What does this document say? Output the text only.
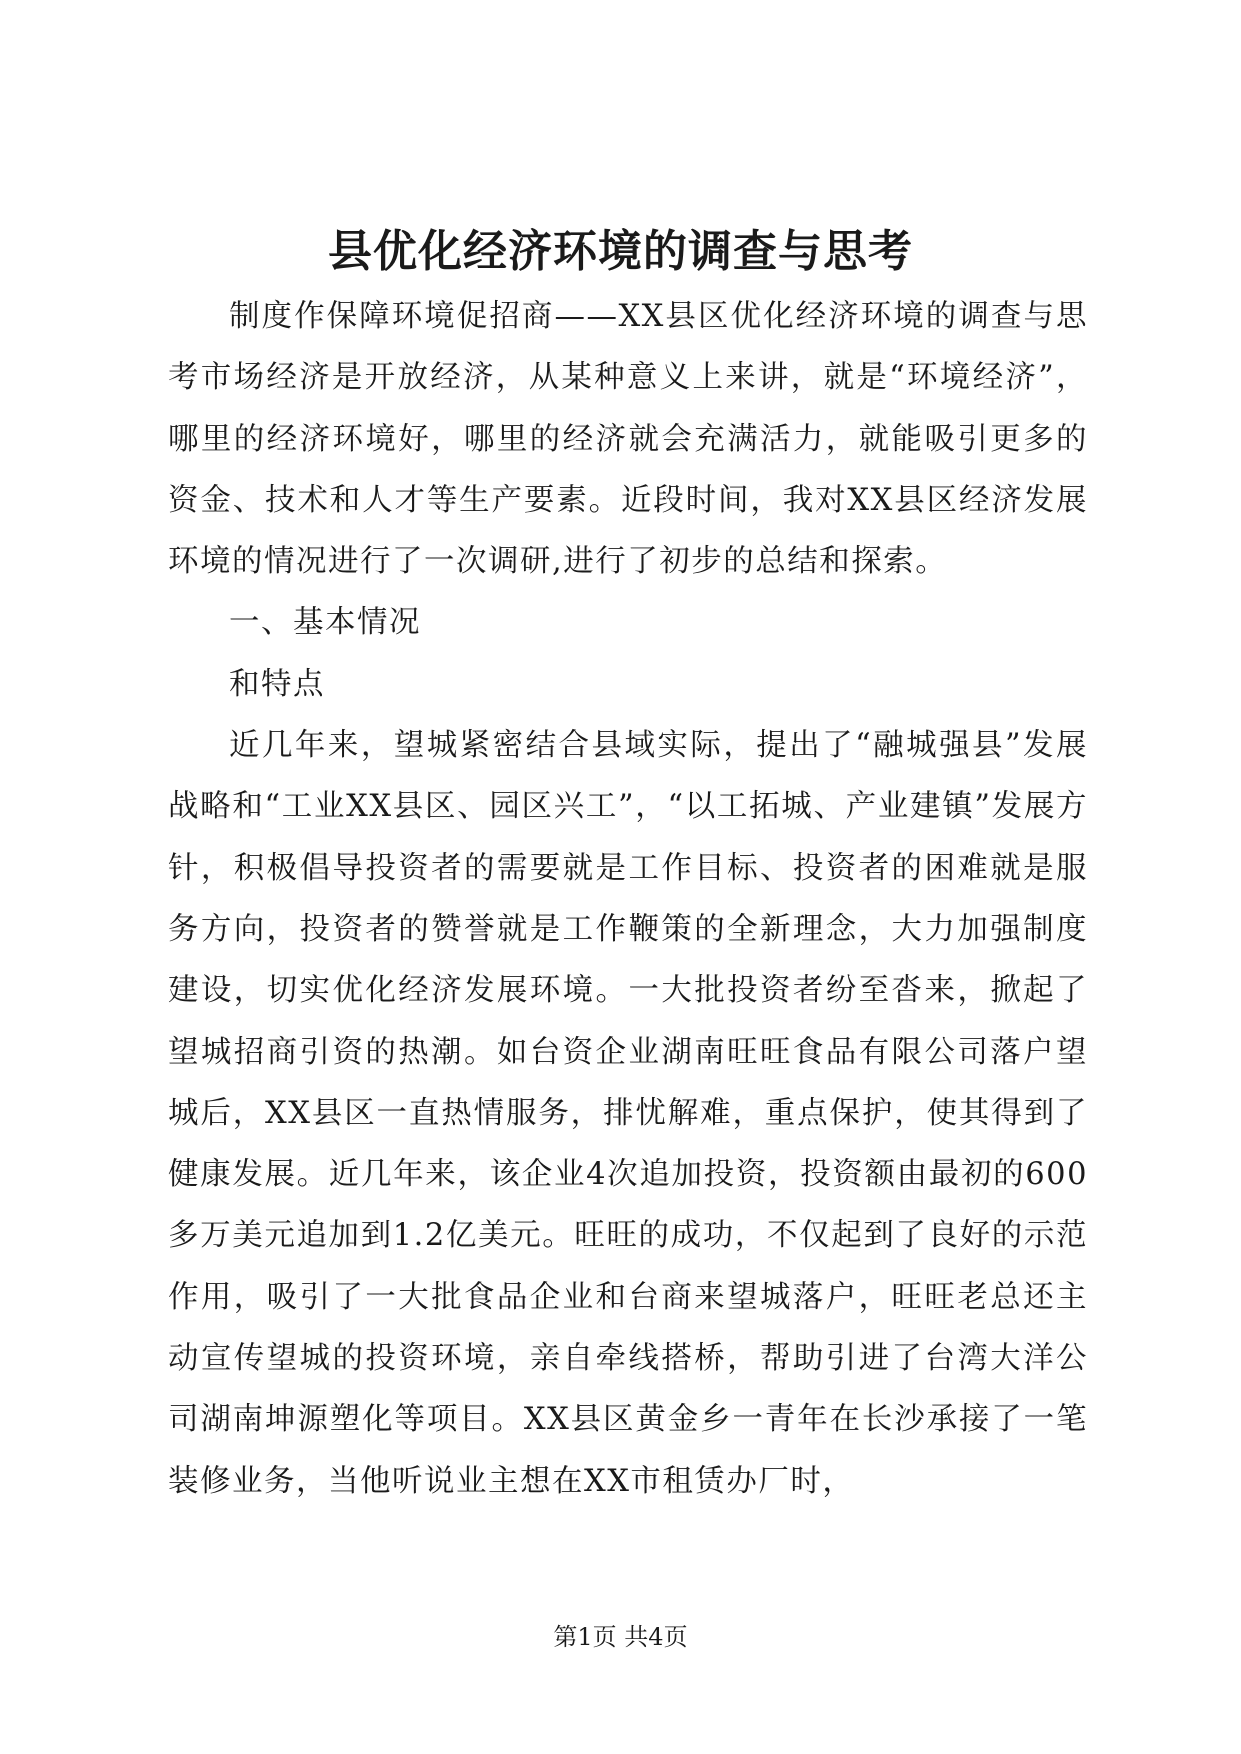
县优化经济环境的调查与思考

制度作保障环境促招商——XX县区优化经济环境的调查与思考市场经济是开放经济，从某种意义上来讲，就是“环境经济”，哪里的经济环境好，哪里的经济就会充满活力，就能吸引更多的资金、技术和人才等生产要素。近段时间，我对XX县区经济发展环境的情况进行了一次调研,进行了初步的总结和探索。

一、基本情况

和特点

近几年来，望城紧密结合县域实际，提出了“融城强县”发展战略和“工业XX县区、园区兴工”，“以工拓城、产业建镇”发展方针，积极倡导投资者的需要就是工作目标、投资者的困难就是服务方向，投资者的赞誉就是工作鞭策的全新理念，大力加强制度建设，切实优化经济发展环境。一大批投资者纷至沓来，掀起了望城招商引资的热潮。如台资企业湖南旺旺食品有限公司落户望城后，XX县区一直热情服务，排忧解难，重点保护，使其得到了健康发展。近几年来，该企业4次追加投资，投资额由最初的600多万美元追加到1.2亿美元。旺旺的成功，不仅起到了良好的示范作用，吸引了一大批食品企业和台商来望城落户，旺旺老总还主动宣传望城的投资环境，亲自牵线搭桥，帮助引进了台湾大洋公司湖南坤源塑化等项目。XX县区黄金乡一青年在长沙承接了一笔装修业务，当他听说业主想在XX市租赁办厂时，

第1页 共4页
